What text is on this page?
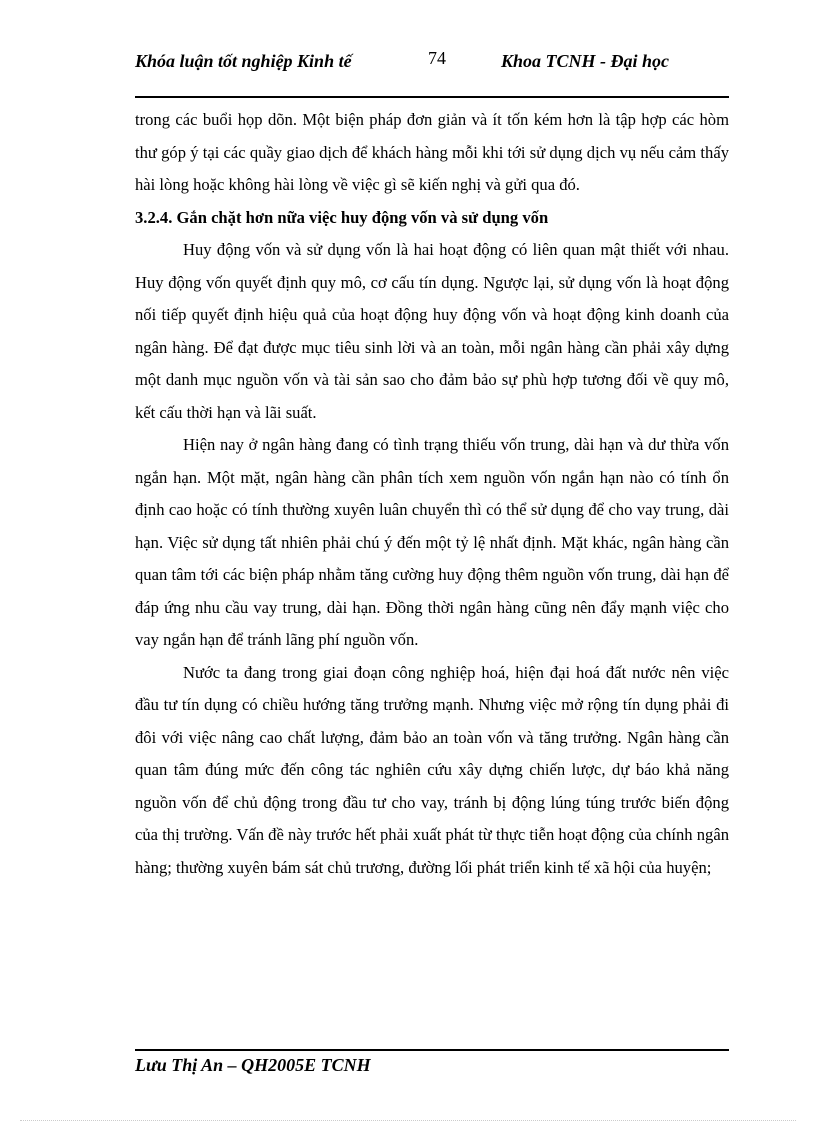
Khóa luận tốt nghiệp Kinh tế	74	Khoa TCNH - Đại học

trong các buổi họp dõn. Một biện pháp đơn giản và ít tốn kém hơn là tập hợp các hòm thư góp ý tại các quầy giao dịch để khách hàng mỗi khi tới sử dụng dịch vụ nếu cảm thấy hài lòng hoặc không hài lòng về việc gì sẽ kiến nghị và gửi qua đó.

3.2.4. Gắn chặt hơn nữa việc huy động vốn và sử dụng vốn

Huy động vốn và sử dụng vốn là hai hoạt động có liên quan mật thiết với nhau. Huy động vốn quyết định quy mô, cơ cấu tín dụng. Ngược lại, sử dụng vốn là hoạt động nối tiếp quyết định hiệu quả của hoạt động huy động vốn và hoạt động kinh doanh của ngân hàng. Để đạt được mục tiêu sinh lời và an toàn, mỗi ngân hàng cần phải xây dựng một danh mục nguồn vốn và tài sản sao cho đảm bảo sự phù hợp tương đối về quy mô, kết cấu thời hạn và lãi suất.

Hiện nay ở ngân hàng đang có tình trạng thiếu vốn trung, dài hạn và dư thừa vốn ngắn hạn. Một mặt, ngân hàng cần phân tích xem nguồn vốn ngắn hạn nào có tính ổn định cao hoặc có tính thường xuyên luân chuyển thì có thể sử dụng để cho vay trung, dài hạn. Việc sử dụng tất nhiên phải chú ý đến một tỷ lệ nhất định. Mặt khác, ngân hàng cần quan tâm tới các biện pháp nhằm tăng cường huy động thêm nguồn vốn trung, dài hạn để đáp ứng nhu cầu vay trung, dài hạn. Đồng thời ngân hàng cũng nên đẩy mạnh việc cho vay ngắn hạn để tránh lãng phí nguồn vốn.

Nước ta đang trong giai đoạn công nghiệp hoá, hiện đại hoá đất nước nên việc đầu tư tín dụng có chiều hướng tăng trưởng mạnh. Nhưng việc mở rộng tín dụng phải đi đôi với việc nâng cao chất lượng, đảm bảo an toàn vốn và tăng trưởng. Ngân hàng cần quan tâm đúng mức đến công tác nghiên cứu xây dựng chiến lược, dự báo khả năng nguồn vốn để chủ động trong đầu tư cho vay, tránh bị động lúng túng trước biến động của thị trường. Vấn đề này trước hết phải xuất phát từ thực tiễn hoạt động của chính ngân hàng; thường xuyên bám sát chủ trương, đường lối phát triển kinh tế xã hội của huyện;

Lưu Thị An – QH2005E TCNH
